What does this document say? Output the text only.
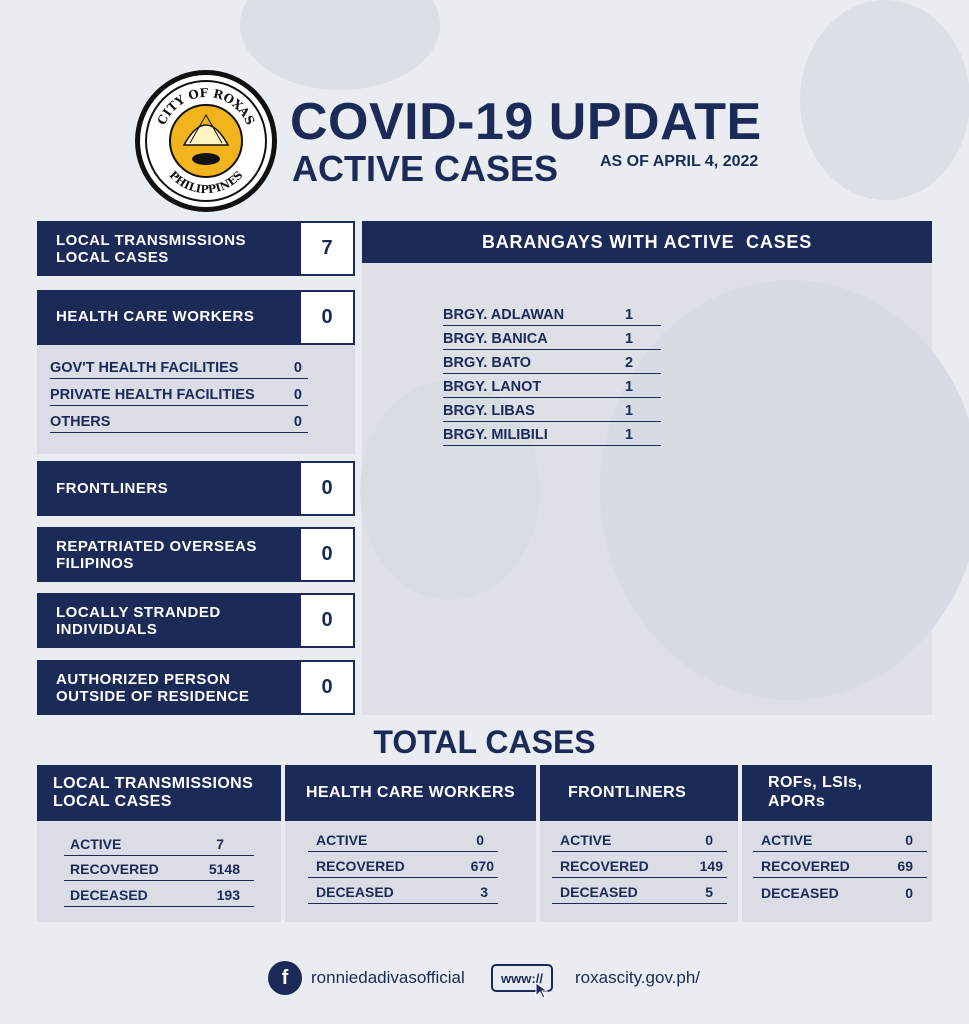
CITY OF ROXAS
PHILIPPINES
COVID-19 UPDATE
ACTIVE CASES	AS OF APRIL 4, 2022
LOCAL TRANSMISSIONS
LOCAL CASES	7
HEALTH CARE WORKERS	0
GOV'T HEALTH FACILITIES	0
PRIVATE HEALTH FACILITIES	0
OTHERS	0
FRONTLINERS	0
REPATRIATED OVERSEAS
FILIPINOS	0
LOCALLY STRANDED
INDIVIDUALS	0
AUTHORIZED PERSON
OUTSIDE OF RESIDENCE	0
BARANGAYS WITH ACTIVE  CASES
BRGY. ADLAWAN	1
BRGY. BANICA	1
BRGY. BATO	2
BRGY. LANOT	1
BRGY. LIBAS	1
BRGY. MILIBILI	1
TOTAL CASES
LOCAL TRANSMISSIONS
LOCAL CASES
ACTIVE	7
RECOVERED	5148
DECEASED	193
HEALTH CARE WORKERS
ACTIVE	0
RECOVERED	670
DECEASED	3
FRONTLINERS
ACTIVE	0
RECOVERED	149
DECEASED	5
ROFs, LSIs,
APORs
ACTIVE	0
RECOVERED	69
DECEASED	0
f ronniedadivasofficial	www:// roxascity.gov.ph/
